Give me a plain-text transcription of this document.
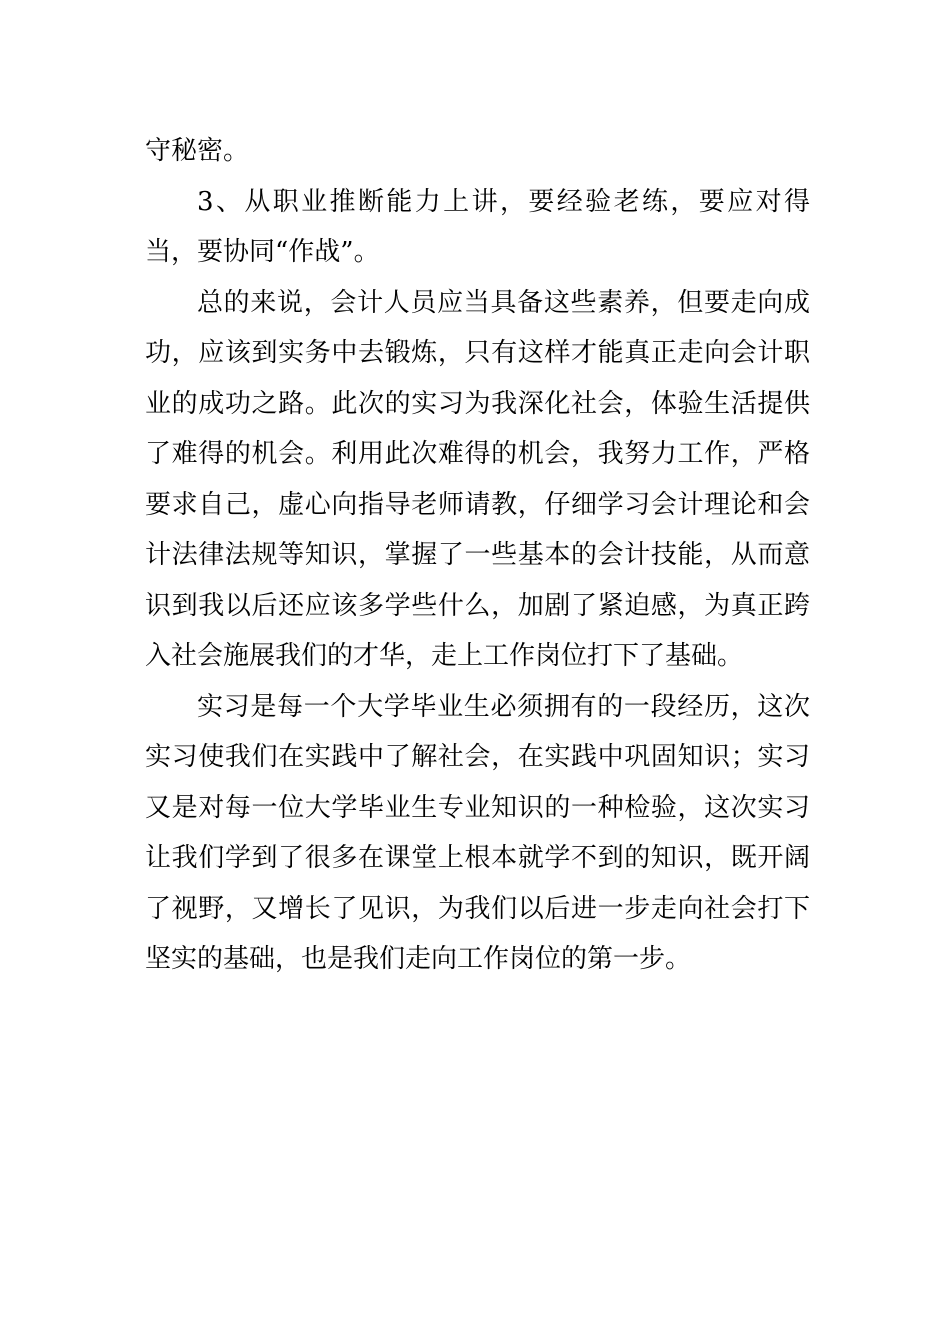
守秘密。

3、从职业推断能力上讲，要经验老练，要应对得当，要协同“作战”。

总的来说，会计人员应当具备这些素养，但要走向成功，应该到实务中去锻炼，只有这样才能真正走向会计职业的成功之路。此次的实习为我深化社会，体验生活提供了难得的机会。利用此次难得的机会，我努力工作，严格要求自己，虚心向指导老师请教，仔细学习会计理论和会计法律法规等知识，掌握了一些基本的会计技能，从而意识到我以后还应该多学些什么，加剧了紧迫感，为真正跨入社会施展我们的才华，走上工作岗位打下了基础。

实习是每一个大学毕业生必须拥有的一段经历，这次实习使我们在实践中了解社会，在实践中巩固知识；实习又是对每一位大学毕业生专业知识的一种检验，这次实习让我们学到了很多在课堂上根本就学不到的知识，既开阔了视野，又增长了见识，为我们以后进一步走向社会打下坚实的基础，也是我们走向工作岗位的第一步。
